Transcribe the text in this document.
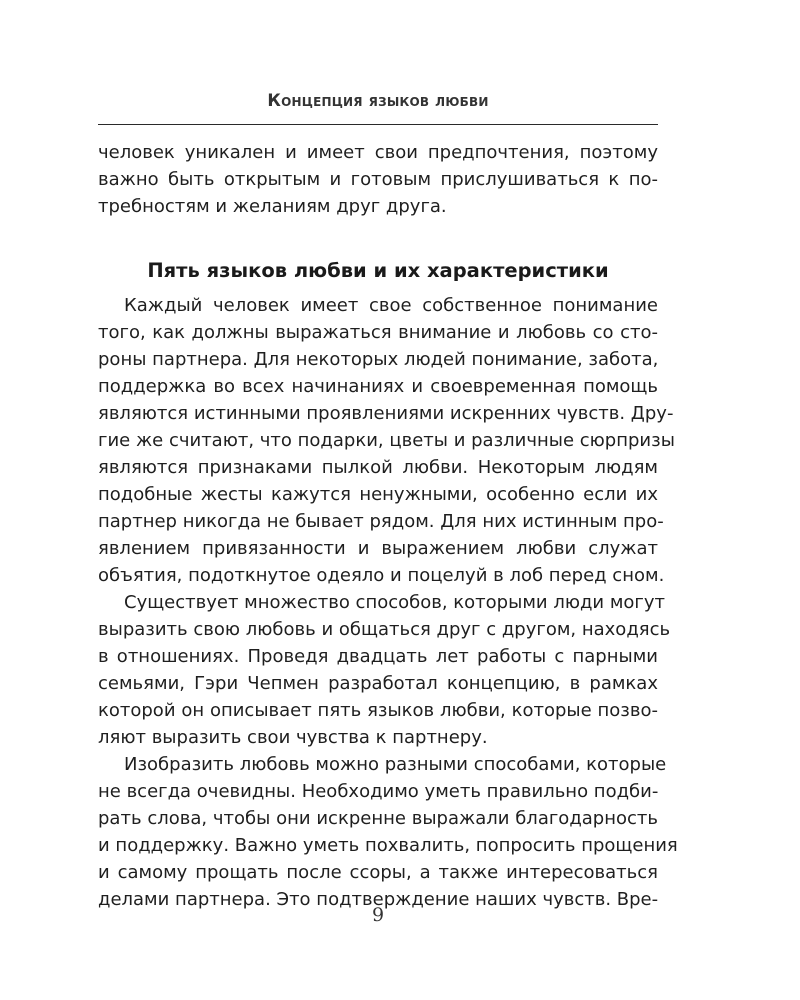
Концепция языков любви
человек уникален и имеет свои предпочтения, поэтому
важно быть открытым и готовым прислушиваться к по-
требностям и желаниям друг друга.
Пять языков любви и их характеристики
Каждый человек имеет свое собственное понимание
того, как должны выражаться внимание и любовь со сто-
роны партнера. Для некоторых людей понимание, забота,
поддержка во всех начинаниях и своевременная помощь
являются истинными проявлениями искренних чувств. Дру-
гие же считают, что подарки, цветы и различные сюрпризы
являются признаками пылкой любви. Некоторым людям
подобные жесты кажутся ненужными, особенно если их
партнер никогда не бывает рядом. Для них истинным про-
явлением привязанности и выражением любви служат
объятия, подоткнутое одеяло и поцелуй в лоб перед сном.
Существует множество способов, которыми люди могут
выразить свою любовь и общаться друг с другом, находясь
в отношениях. Проведя двадцать лет работы с парными
семьями, Гэри Чепмен разработал концепцию, в рамках
которой он описывает пять языков любви, которые позво-
ляют выразить свои чувства к партнеру.
Изобразить любовь можно разными способами, которые
не всегда очевидны. Необходимо уметь правильно подби-
рать слова, чтобы они искренне выражали благодарность
и поддержку. Важно уметь похвалить, попросить прощения
и самому прощать после ссоры, а также интересоваться
делами партнера. Это подтверждение наших чувств. Вре-
9
